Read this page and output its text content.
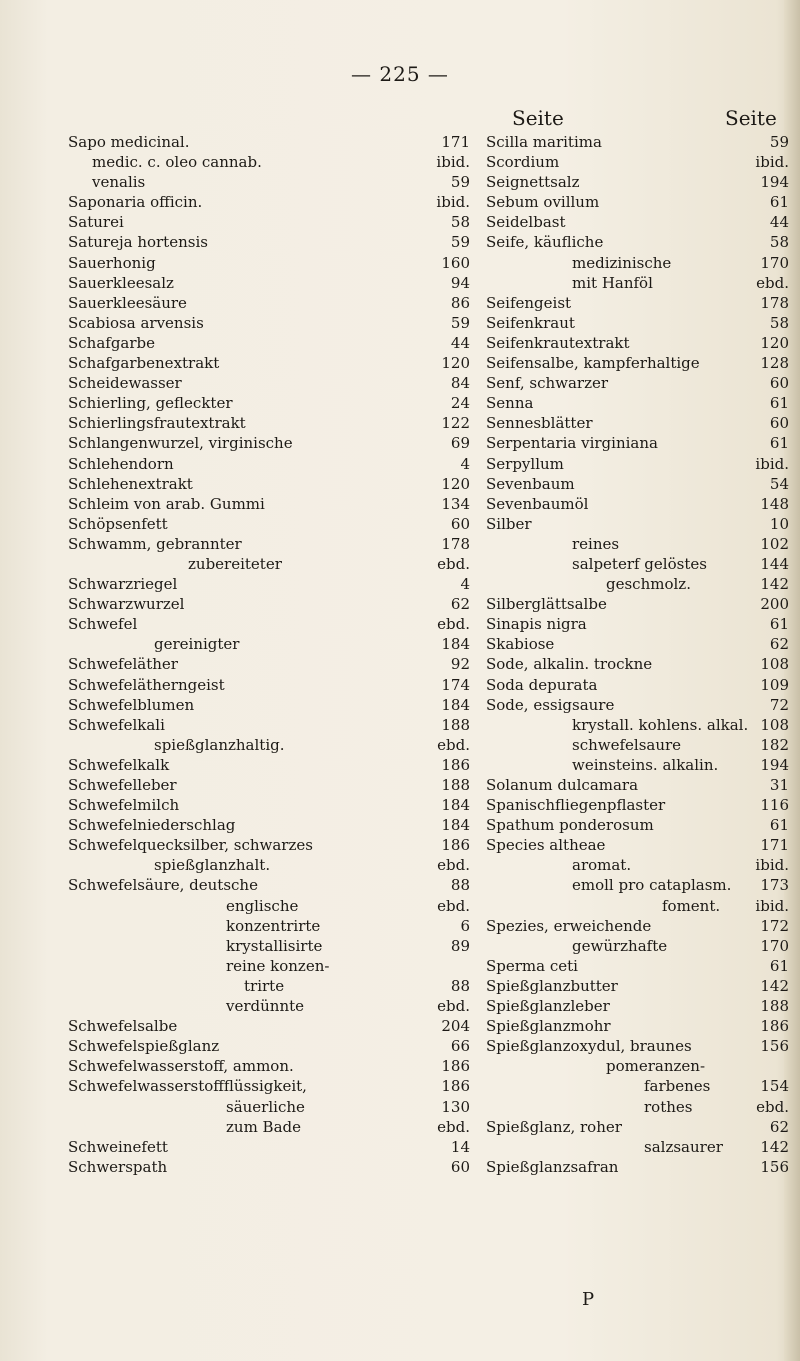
— 225 —
Seite	Seite
Sapo medicinal.	171
medic. c. oleo cannab.	ibid.
venalis	59
Saponaria officin.	ibid.
Saturei	58
Satureja hortensis	59
Sauerhonig	160
Sauerkleesalz	94
Sauerkleesäure	86
Scabiosa arvensis	59
Schafgarbe	44
Schafgarbenextrakt	120
Scheidewasser	84
Schierling, gefleckter	24
Schierlingsfrautextrakt	122
Schlangenwurzel, virginische	69
Schlehendorn	4
Schlehenextrakt	120
Schleim von arab. Gummi	134
Schöpsenfett	60
Schwamm, gebrannter	178
zubereiteter	ebd.
Schwarzriegel	4
Schwarzwurzel	62
Schwefel	ebd.
gereinigter	184
Schwefeläther	92
Schwefelätherngeist	174
Schwefelblumen	184
Schwefelkali	188
spießglanzhaltig.	ebd.
Schwefelkalk	186
Schwefelleber	188
Schwefelmilch	184
Schwefelniederschlag	184
Schwefelquecksilber, schwarzes	186
spießglanzhalt.	ebd.
Schwefelsäure, deutsche	88
englische	ebd.
konzentrirte	6
krystallisirte	89
reine konzen-
trirte	88
verdünnte	ebd.
Schwefelsalbe	204
Schwefelspießglanz	66
Schwefelwasserstoff, ammon.	186
Schwefelwasserstoffflüssigkeit,	186
säuerliche	130
zum Bade	ebd.
Schweinefett	14
Schwerspath	60
Scilla maritima	59
Scordium	ibid.
Seignettsalz	194
Sebum ovillum	61
Seidelbast	44
Seife, käufliche	58
medizinische	170
mit Hanföl	ebd.
Seifengeist	178
Seifenkraut	58
Seifenkrautextrakt	120
Seifensalbe, kampferhaltige	128
Senf, schwarzer	60
Senna	61
Sennesblätter	60
Serpentaria virginiana	61
Serpyllum	ibid.
Sevenbaum	54
Sevenbaumöl	148
Silber	10
reines	102
salpeterf gelöstes	144
geschmolz.	142
Silberglättsalbe	200
Sinapis nigra	61
Skabiose	62
Sode, alkalin. trockne	108
Soda depurata	109
Sode, essigsaure	72
krystall. kohlens. alkal. 108
schwefelsaure	182
weinsteins. alkalin.	194
Solanum dulcamara	31
Spanischfliegenpflaster	116
Spathum ponderosum	61
Species altheae	171
aromat.	ibid.
emoll pro cataplasm. 173
foment. ibid.
Spezies, erweichende	172
gewürzhafte	170
Sperma ceti	61
Spießglanzbutter	142
Spießglanzleber	188
Spießglanzmohr	186
Spießglanzoxydul, braunes	156
pomeranzen-
farbenes	154
rothes	ebd.
Spießglanz, roher	62
salzsaurer 142
Spießglanzsafran	156
P
